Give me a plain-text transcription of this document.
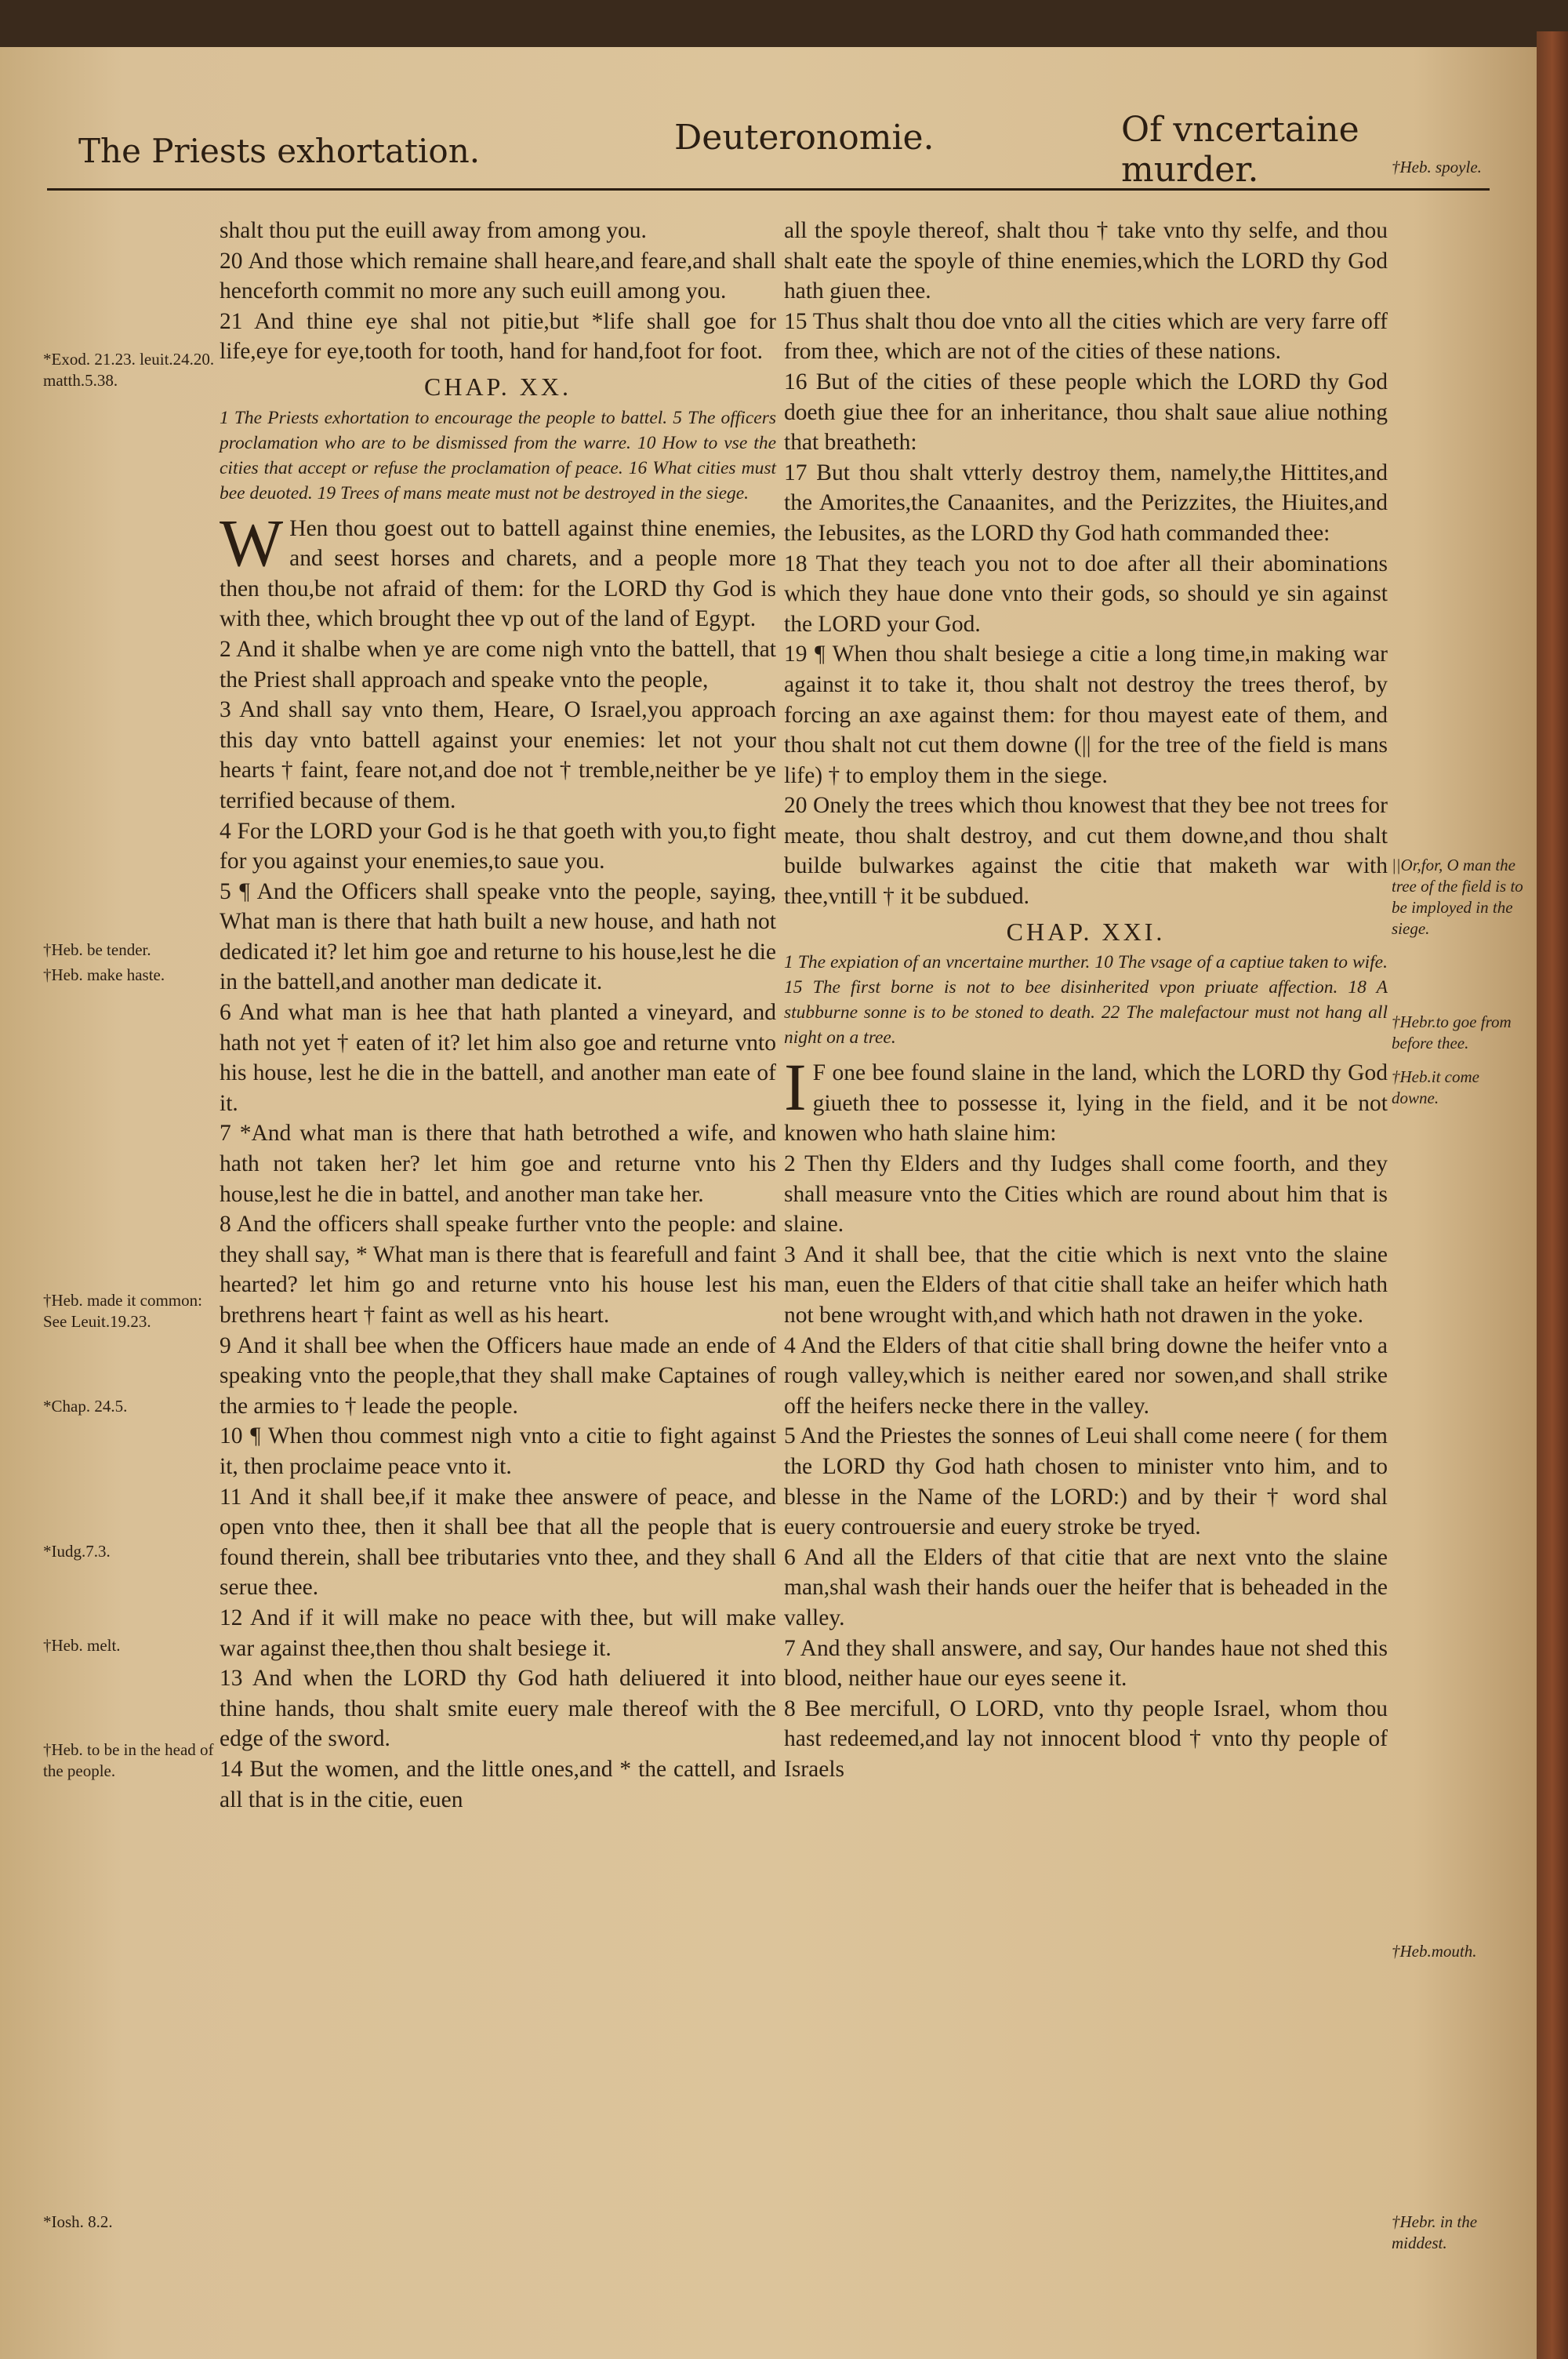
The Priests exhortation.	Deuteronomie.	Of vncertaine murder.

shalt thou put the euill away from among you.

20 And those which remaine shall heare,and feare,and shall henceforth commit no more any such euill among you.

21 And thine eye shal not pitie,but *life shall goe for life,eye for eye,tooth for tooth, hand for hand,foot for foot.

CHAP. XX.

1 The Priests exhortation to encourage the people to battel. 5 The officers proclamation who are to be dismissed from the warre. 10 How to vse the cities that accept or refuse the proclamation of peace. 16 What cities must bee deuoted. 19 Trees of mans meate must not be destroyed in the siege.

W Hen thou goest out to battell against thine enemies, and seest horses and charets, and a people more then thou,be not afraid of them: for the LORD thy God is with thee, which brought thee vp out of the land of Egypt.

2 And it shalbe when ye are come nigh vnto the battell, that the Priest shall approach and speake vnto the people,

3 And shall say vnto them, Heare, O Israel,you approach this day vnto battell against your enemies: let not your hearts † faint, feare not,and doe not † tremble,neither be ye terrified because of them.

4 For the LORD your God is he that goeth with you,to fight for you against your enemies,to saue you.

5 ¶ And the Officers shall speake vnto the people, saying, What man is there that hath built a new house, and hath not dedicated it? let him goe and returne to his house,lest he die in the battell,and another man dedicate it.

6 And what man is hee that hath planted a vineyard, and hath not yet † eaten of it? let him also goe and returne vnto his house, lest he die in the battell, and another man eate of it.

7 *And what man is there that hath betrothed a wife, and hath not taken her? let him goe and returne vnto his house,lest he die in battel, and another man take her.

8 And the officers shall speake further vnto the people: and they shall say, * What man is there that is fearefull and faint hearted? let him go and returne vnto his house lest his brethrens heart † faint as well as his heart.

9 And it shall bee when the Officers haue made an ende of speaking vnto the people,that they shall make Captaines of the armies to † leade the people.

10 ¶ When thou commest nigh vnto a citie to fight against it, then proclaime peace vnto it.

11 And it shall bee,if it make thee answere of peace, and open vnto thee, then it shall bee that all the people that is found therein, shall bee tributaries vnto thee, and they shall serue thee.

12 And if it will make no peace with thee, but will make war against thee,then thou shalt besiege it.

13 And when the LORD thy God hath deliuered it into thine hands, thou shalt smite euery male thereof with the edge of the sword.

14 But the women, and the little ones,and * the cattell, and all that is in the citie, euen

all the spoyle thereof, shalt thou † take vnto thy selfe, and thou shalt eate the spoyle of thine enemies,which the LORD thy God hath giuen thee.

15 Thus shalt thou doe vnto all the cities which are very farre off from thee, which are not of the cities of these nations.

16 But of the cities of these people which the LORD thy God doeth giue thee for an inheritance, thou shalt saue aliue nothing that breatheth:

17 But thou shalt vtterly destroy them, namely,the Hittites,and the Amorites,the Canaanites, and the Perizzites, the Hiuites,and the Iebusites, as the LORD thy God hath commanded thee:

18 That they teach you not to doe after all their abominations which they haue done vnto their gods, so should ye sin against the LORD your God.

19 ¶ When thou shalt besiege a citie a long time,in making war against it to take it, thou shalt not destroy the trees therof, by forcing an axe against them: for thou mayest eate of them, and thou shalt not cut them downe (|| for the tree of the field is mans life) † to employ them in the siege.

20 Onely the trees which thou knowest that they bee not trees for meate, thou shalt destroy, and cut them downe,and thou shalt builde bulwarkes against the citie that maketh war with thee,vntill † it be subdued.

CHAP. XXI.

1 The expiation of an vncertaine murther. 10 The vsage of a captiue taken to wife. 15 The first borne is not to bee disinherited vpon priuate affection. 18 A stubburne sonne is to be stoned to death. 22 The malefactour must not hang all night on a tree.

I F one bee found slaine in the land, which the LORD thy God giueth thee to possesse it, lying in the field, and it be not knowen who hath slaine him:

2 Then thy Elders and thy Iudges shall come foorth, and they shall measure vnto the Cities which are round about him that is slaine.

3 And it shall bee, that the citie which is next vnto the slaine man, euen the Elders of that citie shall take an heifer which hath not bene wrought with,and which hath not drawen in the yoke.

4 And the Elders of that citie shall bring downe the heifer vnto a rough valley,which is neither eared nor sowen,and shall strike off the heifers necke there in the valley.

5 And the Priestes the sonnes of Leui shall come neere ( for them the LORD thy God hath chosen to minister vnto him, and to blesse in the Name of the LORD:) and by their † word shal euery controuersie and euery stroke be tryed.

6 And all the Elders of that citie that are next vnto the slaine man,shal wash their hands ouer the heifer that is beheaded in the valley.

7 And they shall answere, and say, Our handes haue not shed this blood, neither haue our eyes seene it.

8 Bee mercifull, O LORD, vnto thy people Israel, whom thou hast redeemed,and lay not innocent blood † vnto thy people of Israels

*Exod. 21.23. leuit.24.20. matth.5.38.
†Heb. be tender.
†Heb. make haste.
†Heb. made it common: See Leuit.19.23.
*Chap. 24.5.
*Iudg.7.3.
†Heb. melt.
†Heb. to be in the head of the people.
*Iosh. 8.2.
†Heb. spoyle.
||Or,for, O man the tree of the field is to be imployed in the siege.
†Hebr.to goe from before thee.
†Heb.it come downe.
†Heb.mouth.
†Hebr. in the middest.
